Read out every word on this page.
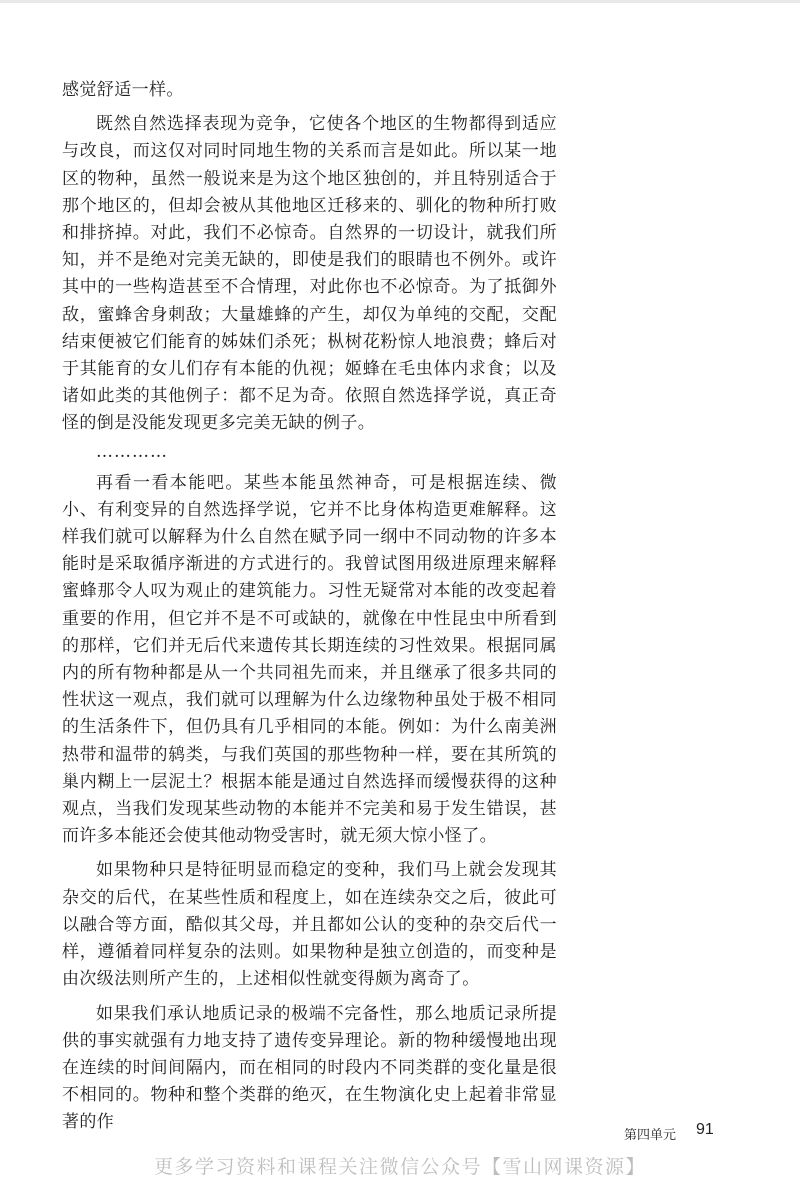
感觉舒适一样。

既然自然选择表现为竞争，它使各个地区的生物都得到适应与改良，而这仅对同时同地生物的关系而言是如此。所以某一地区的物种，虽然一般说来是为这个地区独创的，并且特别适合于那个地区的，但却会被从其他地区迁移来的、驯化的物种所打败和排挤掉。对此，我们不必惊奇。自然界的一切设计，就我们所知，并不是绝对完美无缺的，即使是我们的眼睛也不例外。或许其中的一些构造甚至不合情理，对此你也不必惊奇。为了抵御外敌，蜜蜂舍身刺敌；大量雄蜂的产生，却仅为单纯的交配，交配结束便被它们能育的姊妹们杀死；枞树花粉惊人地浪费；蜂后对于其能育的女儿们存有本能的仇视；姬蜂在毛虫体内求食；以及诸如此类的其他例子：都不足为奇。依照自然选择学说，真正奇怪的倒是没能发现更多完美无缺的例子。

…………

再看一看本能吧。某些本能虽然神奇，可是根据连续、微小、有利变异的自然选择学说，它并不比身体构造更难解释。这样我们就可以解释为什么自然在赋予同一纲中不同动物的许多本能时是采取循序渐进的方式进行的。我曾试图用级进原理来解释蜜蜂那令人叹为观止的建筑能力。习性无疑常对本能的改变起着重要的作用，但它并不是不可或缺的，就像在中性昆虫中所看到的那样，它们并无后代来遗传其长期连续的习性效果。根据同属内的所有物种都是从一个共同祖先而来，并且继承了很多共同的性状这一观点，我们就可以理解为什么边缘物种虽处于极不相同的生活条件下，但仍具有几乎相同的本能。例如：为什么南美洲热带和温带的鸫类，与我们英国的那些物种一样，要在其所筑的巢内糊上一层泥土？根据本能是通过自然选择而缓慢获得的这种观点，当我们发现某些动物的本能并不完美和易于发生错误，甚而许多本能还会使其他动物受害时，就无须大惊小怪了。

如果物种只是特征明显而稳定的变种，我们马上就会发现其杂交的后代，在某些性质和程度上，如在连续杂交之后，彼此可以融合等方面，酷似其父母，并且都如公认的变种的杂交后代一样，遵循着同样复杂的法则。如果物种是独立创造的，而变种是由次级法则所产生的，上述相似性就变得颇为离奇了。

如果我们承认地质记录的极端不完备性，那么地质记录所提供的事实就强有力地支持了遗传变异理论。新的物种缓慢地出现在连续的时间间隔内，而在相同的时段内不同类群的变化量是很不相同的。物种和整个类群的绝灭，在生物演化史上起着非常显著的作

第四单元 91
更多学习资料和课程关注微信公众号【雪山网课资源】
